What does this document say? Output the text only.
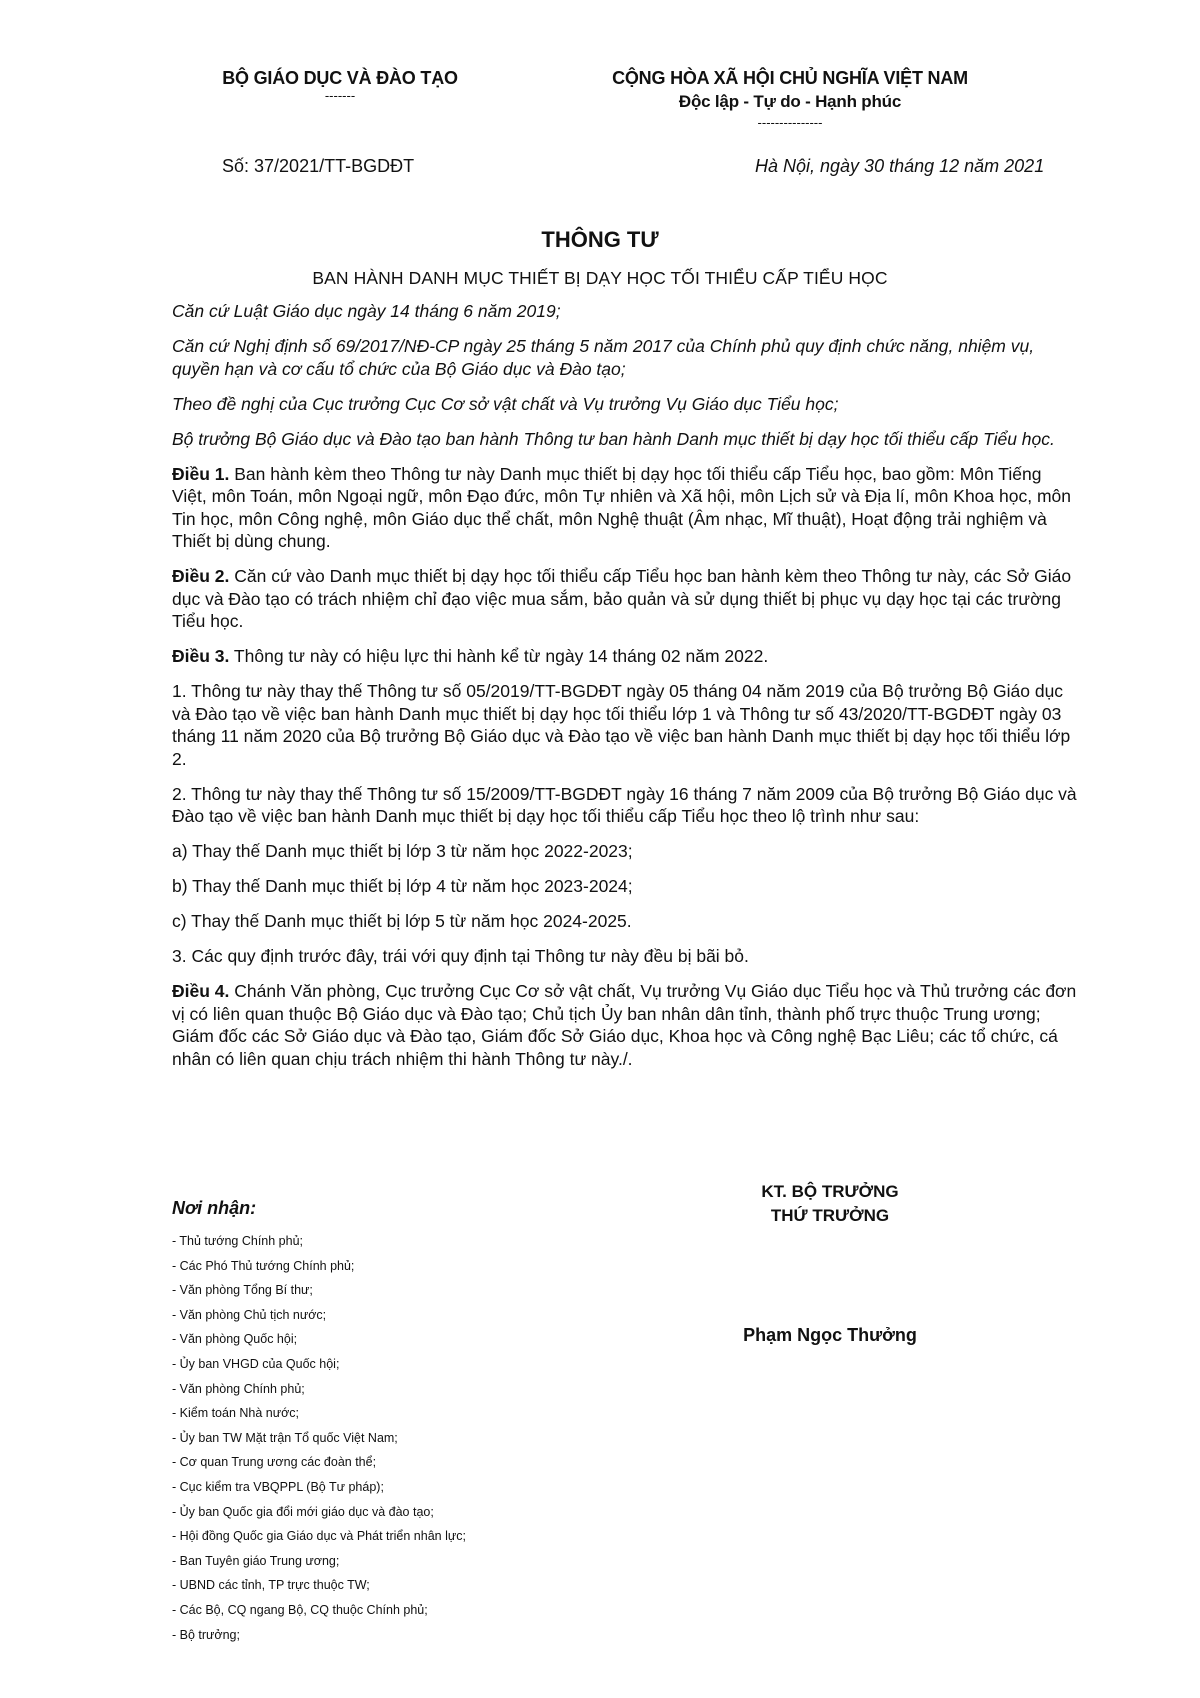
BỘ GIÁO DỤC VÀ ĐÀO TẠO
-------
CỘNG HÒA XÃ HỘI CHỦ NGHĨA VIỆT NAM
Độc lập - Tự do - Hạnh phúc
---------------
Số: 37/2021/TT-BGDĐT	Hà Nội, ngày 30 tháng 12 năm 2021
THÔNG TƯ
BAN HÀNH DANH MỤC THIẾT BỊ DẠY HỌC TỐI THIỂU CẤP TIỂU HỌC

Căn cứ Luật Giáo dục ngày 14 tháng 6 năm 2019;

Căn cứ Nghị định số 69/2017/NĐ-CP ngày 25 tháng 5 năm 2017 của Chính phủ quy định chức năng, nhiệm vụ, quyền hạn và cơ cấu tổ chức của Bộ Giáo dục và Đào tạo;

Theo đề nghị của Cục trưởng Cục Cơ sở vật chất và Vụ trưởng Vụ Giáo dục Tiểu học;

Bộ trưởng Bộ Giáo dục và Đào tạo ban hành Thông tư ban hành Danh mục thiết bị dạy học tối thiểu cấp Tiểu học.

Điều 1. Ban hành kèm theo Thông tư này Danh mục thiết bị dạy học tối thiểu cấp Tiểu học, bao gồm: Môn Tiếng Việt, môn Toán, môn Ngoại ngữ, môn Đạo đức, môn Tự nhiên và Xã hội, môn Lịch sử và Địa lí, môn Khoa học, môn Tin học, môn Công nghệ, môn Giáo dục thể chất, môn Nghệ thuật (Âm nhạc, Mĩ thuật), Hoạt động trải nghiệm và Thiết bị dùng chung.

Điều 2. Căn cứ vào Danh mục thiết bị dạy học tối thiểu cấp Tiểu học ban hành kèm theo Thông tư này, các Sở Giáo dục và Đào tạo có trách nhiệm chỉ đạo việc mua sắm, bảo quản và sử dụng thiết bị phục vụ dạy học tại các trường Tiểu học.

Điều 3. Thông tư này có hiệu lực thi hành kể từ ngày 14 tháng 02 năm 2022.

1. Thông tư này thay thế Thông tư số 05/2019/TT-BGDĐT ngày 05 tháng 04 năm 2019 của Bộ trưởng Bộ Giáo dục và Đào tạo về việc ban hành Danh mục thiết bị dạy học tối thiểu lớp 1 và Thông tư số 43/2020/TT-BGDĐT ngày 03 tháng 11 năm 2020 của Bộ trưởng Bộ Giáo dục và Đào tạo về việc ban hành Danh mục thiết bị dạy học tối thiểu lớp 2.

2. Thông tư này thay thế Thông tư số 15/2009/TT-BGDĐT ngày 16 tháng 7 năm 2009 của Bộ trưởng Bộ Giáo dục và Đào tạo về việc ban hành Danh mục thiết bị dạy học tối thiểu cấp Tiểu học theo lộ trình như sau:

a) Thay thế Danh mục thiết bị lớp 3 từ năm học 2022-2023;

b) Thay thế Danh mục thiết bị lớp 4 từ năm học 2023-2024;

c) Thay thế Danh mục thiết bị lớp 5 từ năm học 2024-2025.

3. Các quy định trước đây, trái với quy định tại Thông tư này đều bị bãi bỏ.

Điều 4. Chánh Văn phòng, Cục trưởng Cục Cơ sở vật chất, Vụ trưởng Vụ Giáo dục Tiểu học và Thủ trưởng các đơn vị có liên quan thuộc Bộ Giáo dục và Đào tạo; Chủ tịch Ủy ban nhân dân tỉnh, thành phố trực thuộc Trung ương; Giám đốc các Sở Giáo dục và Đào tạo, Giám đốc Sở Giáo dục, Khoa học và Công nghệ Bạc Liêu; các tổ chức, cá nhân có liên quan chịu trách nhiệm thi hành Thông tư này./.

KT. BỘ TRƯỞNG
THỨ TRƯỞNG
Phạm Ngọc Thưởng
Nơi nhận:
- Thủ tướng Chính phủ;
- Các Phó Thủ tướng Chính phủ;
- Văn phòng Tổng Bí thư;
- Văn phòng Chủ tịch nước;
- Văn phòng Quốc hội;
- Ủy ban VHGD của Quốc hội;
- Văn phòng Chính phủ;
- Kiểm toán Nhà nước;
- Ủy ban TW Mặt trận Tổ quốc Việt Nam;
- Cơ quan Trung ương các đoàn thể;
- Cục kiểm tra VBQPPL (Bộ Tư pháp);
- Ủy ban Quốc gia đổi mới giáo dục và đào tạo;
- Hội đồng Quốc gia Giáo dục và Phát triển nhân lực;
- Ban Tuyên giáo Trung ương;
- UBND các tỉnh, TP trực thuộc TW;
- Các Bộ, CQ ngang Bộ, CQ thuộc Chính phủ;
- Bộ trưởng;
